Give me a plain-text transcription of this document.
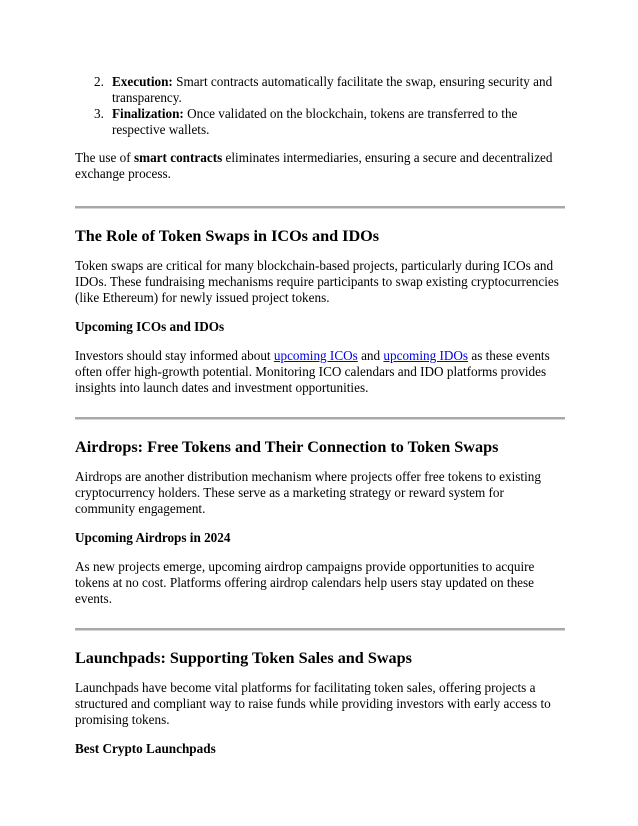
2. Execution: Smart contracts automatically facilitate the swap, ensuring security and transparency.
3. Finalization: Once validated on the blockchain, tokens are transferred to the respective wallets.

The use of smart contracts eliminates intermediaries, ensuring a secure and decentralized exchange process.

The Role of Token Swaps in ICOs and IDOs

Token swaps are critical for many blockchain-based projects, particularly during ICOs and IDOs. These fundraising mechanisms require participants to swap existing cryptocurrencies (like Ethereum) for newly issued project tokens.

Upcoming ICOs and IDOs

Investors should stay informed about upcoming ICOs and upcoming IDOs as these events often offer high-growth potential. Monitoring ICO calendars and IDO platforms provides insights into launch dates and investment opportunities.

Airdrops: Free Tokens and Their Connection to Token Swaps

Airdrops are another distribution mechanism where projects offer free tokens to existing cryptocurrency holders. These serve as a marketing strategy or reward system for community engagement.

Upcoming Airdrops in 2024

As new projects emerge, upcoming airdrop campaigns provide opportunities to acquire tokens at no cost. Platforms offering airdrop calendars help users stay updated on these events.

Launchpads: Supporting Token Sales and Swaps

Launchpads have become vital platforms for facilitating token sales, offering projects a structured and compliant way to raise funds while providing investors with early access to promising tokens.

Best Crypto Launchpads
